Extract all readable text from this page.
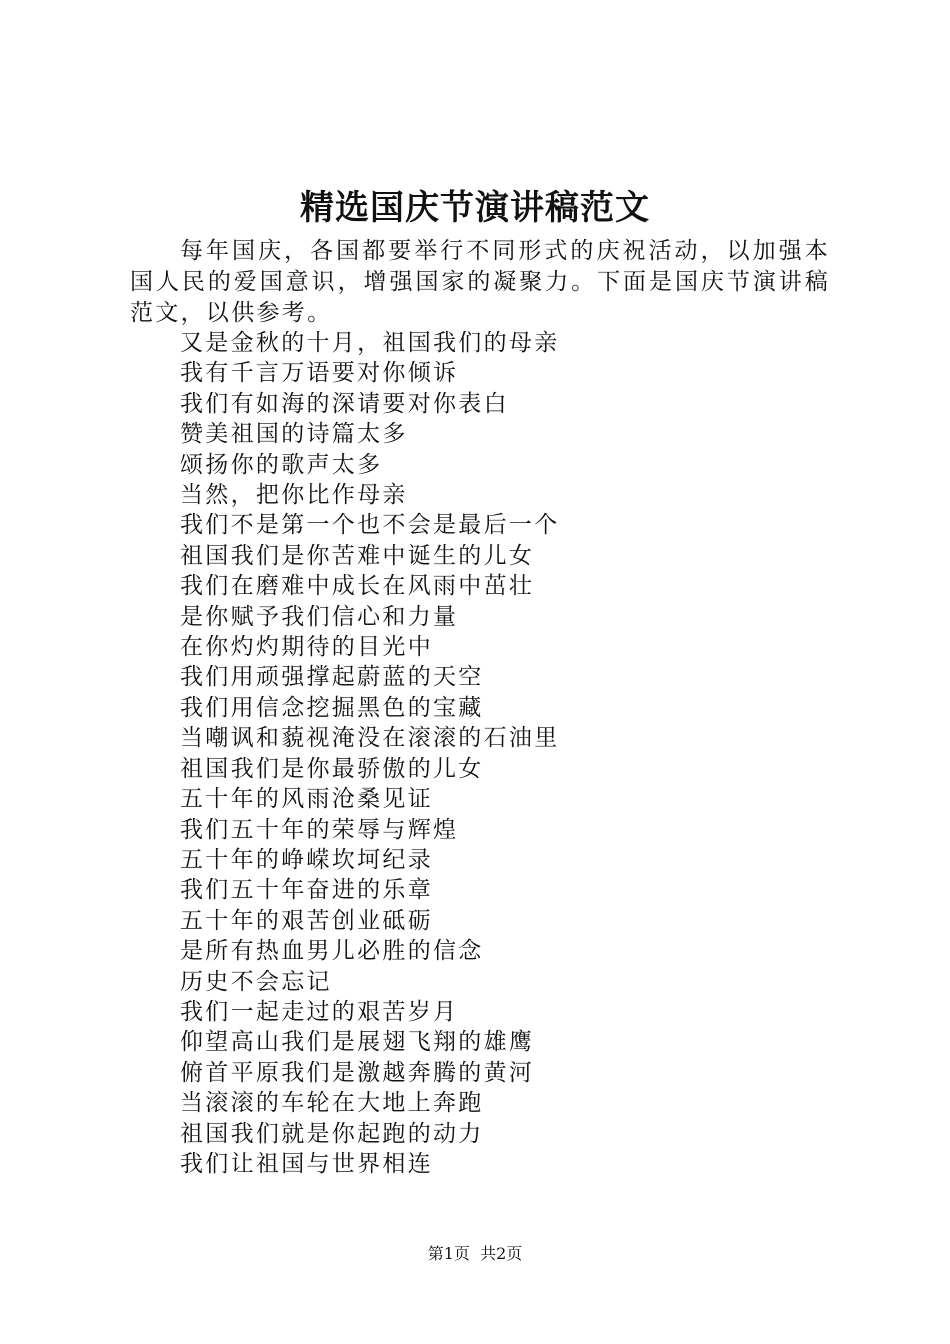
精选国庆节演讲稿范文

每年国庆，各国都要举行不同形式的庆祝活动，以加强本国人民的爱国意识，增强国家的凝聚力。下面是国庆节演讲稿范文，以供参考。

又是金秋的十月，祖国我们的母亲
我有千言万语要对你倾诉
我们有如海的深请要对你表白
赞美祖国的诗篇太多
颂扬你的歌声太多
当然，把你比作母亲
我们不是第一个也不会是最后一个
祖国我们是你苦难中诞生的儿女
我们在磨难中成长在风雨中茁壮
是你赋予我们信心和力量
在你灼灼期待的目光中
我们用顽强撑起蔚蓝的天空
我们用信念挖掘黑色的宝藏
当嘲讽和藐视淹没在滚滚的石油里
祖国我们是你最骄傲的儿女
五十年的风雨沧桑见证
我们五十年的荣辱与辉煌
五十年的峥嵘坎坷纪录
我们五十年奋进的乐章
五十年的艰苦创业砥砺
是所有热血男儿必胜的信念
历史不会忘记
我们一起走过的艰苦岁月
仰望高山我们是展翅飞翔的雄鹰
俯首平原我们是激越奔腾的黄河
当滚滚的车轮在大地上奔跑
祖国我们就是你起跑的动力
我们让祖国与世界相连
第1页  共2页
